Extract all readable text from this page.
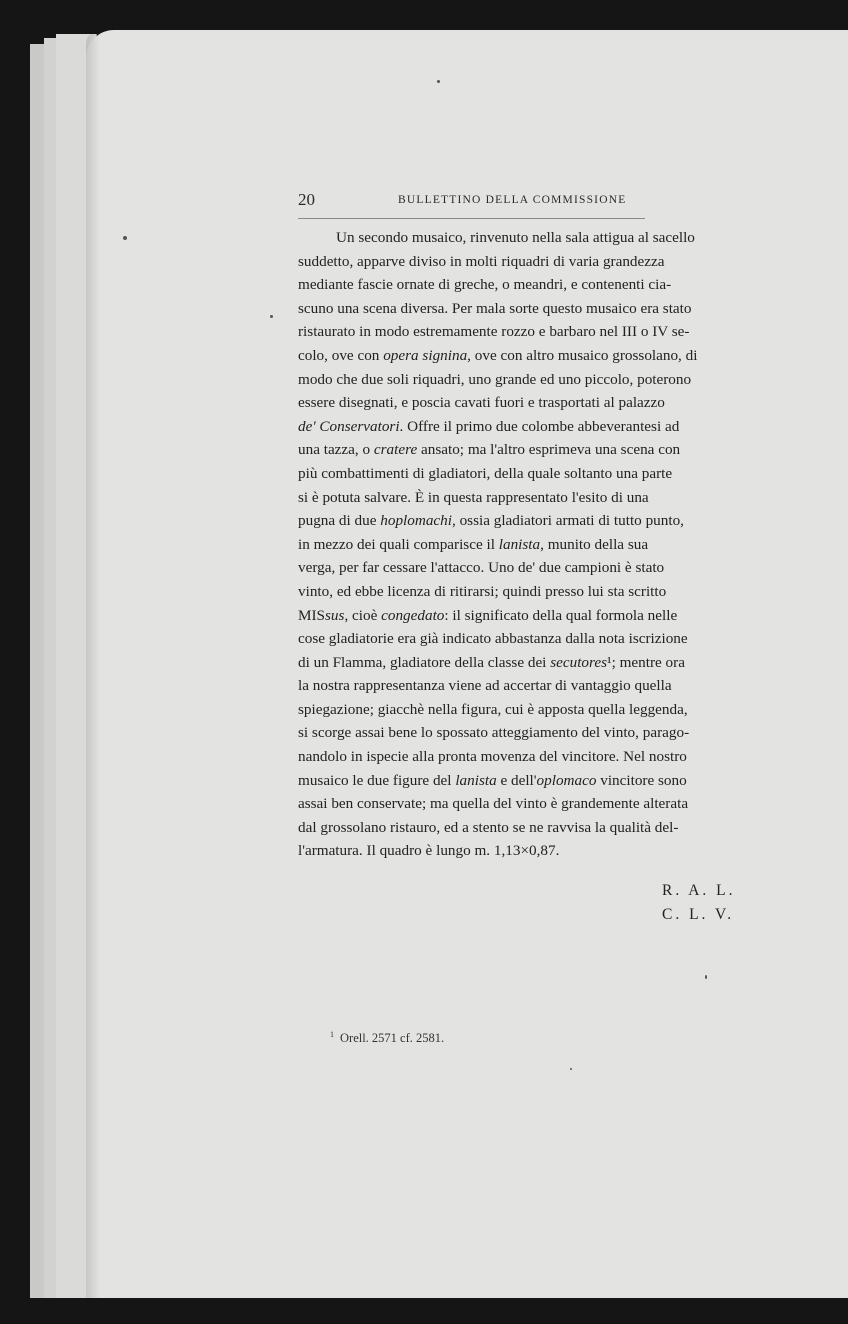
20	BULLETTINO DELLA COMMISSIONE
Un secondo musaico, rinvenuto nella sala attigua al sacello
suddetto, apparve diviso in molti riquadri di varia grandezza
mediante fascie ornate di greche, o meandri, e contenenti cia-
scuno una scena diversa. Per mala sorte questo musaico era stato
ristaurato in modo estremamente rozzo e barbaro nel III o IV se-
colo, ove con opera signina, ove con altro musaico grossolano, di
modo che due soli riquadri, uno grande ed uno piccolo, poterono
essere disegnati, e poscia cavati fuori e trasportati al palazzo
de' Conservatori. Offre il primo due colombe abbeverantesi ad
una tazza, o cratere ansato; ma l'altro esprimeva una scena con
più combattimenti di gladiatori, della quale soltanto una parte
si è potuta salvare. È in questa rappresentato l'esito di una
pugna di due hoplomachi, ossia gladiatori armati di tutto punto,
in mezzo dei quali comparisce il lanista, munito della sua
verga, per far cessare l'attacco. Uno de' due campioni è stato
vinto, ed ebbe licenza di ritirarsi; quindi presso lui sta scritto
MISsus, cioè congedato: il significato della qual formola nelle
cose gladiatorie era già indicato abbastanza dalla nota iscrizione
di un Flamma, gladiatore della classe dei secutores¹; mentre ora
la nostra rappresentanza viene ad accertar di vantaggio quella
spiegazione; giacchè nella figura, cui è apposta quella leggenda,
si scorge assai bene lo spossato atteggiamento del vinto, parago-
nandolo in ispecie alla pronta movenza del vincitore. Nel nostro
musaico le due figure del lanista e dell'oplomaco vincitore sono
assai ben conservate; ma quella del vinto è grandemente alterata
dal grossolano ristauro, ed a stento se ne ravvisa la qualità del-
l'armatura. Il quadro è lungo m. 1,13×0,87.
R. A. L.
C. L. V.
$^1$ Orell. 2571 cf. 2581.
